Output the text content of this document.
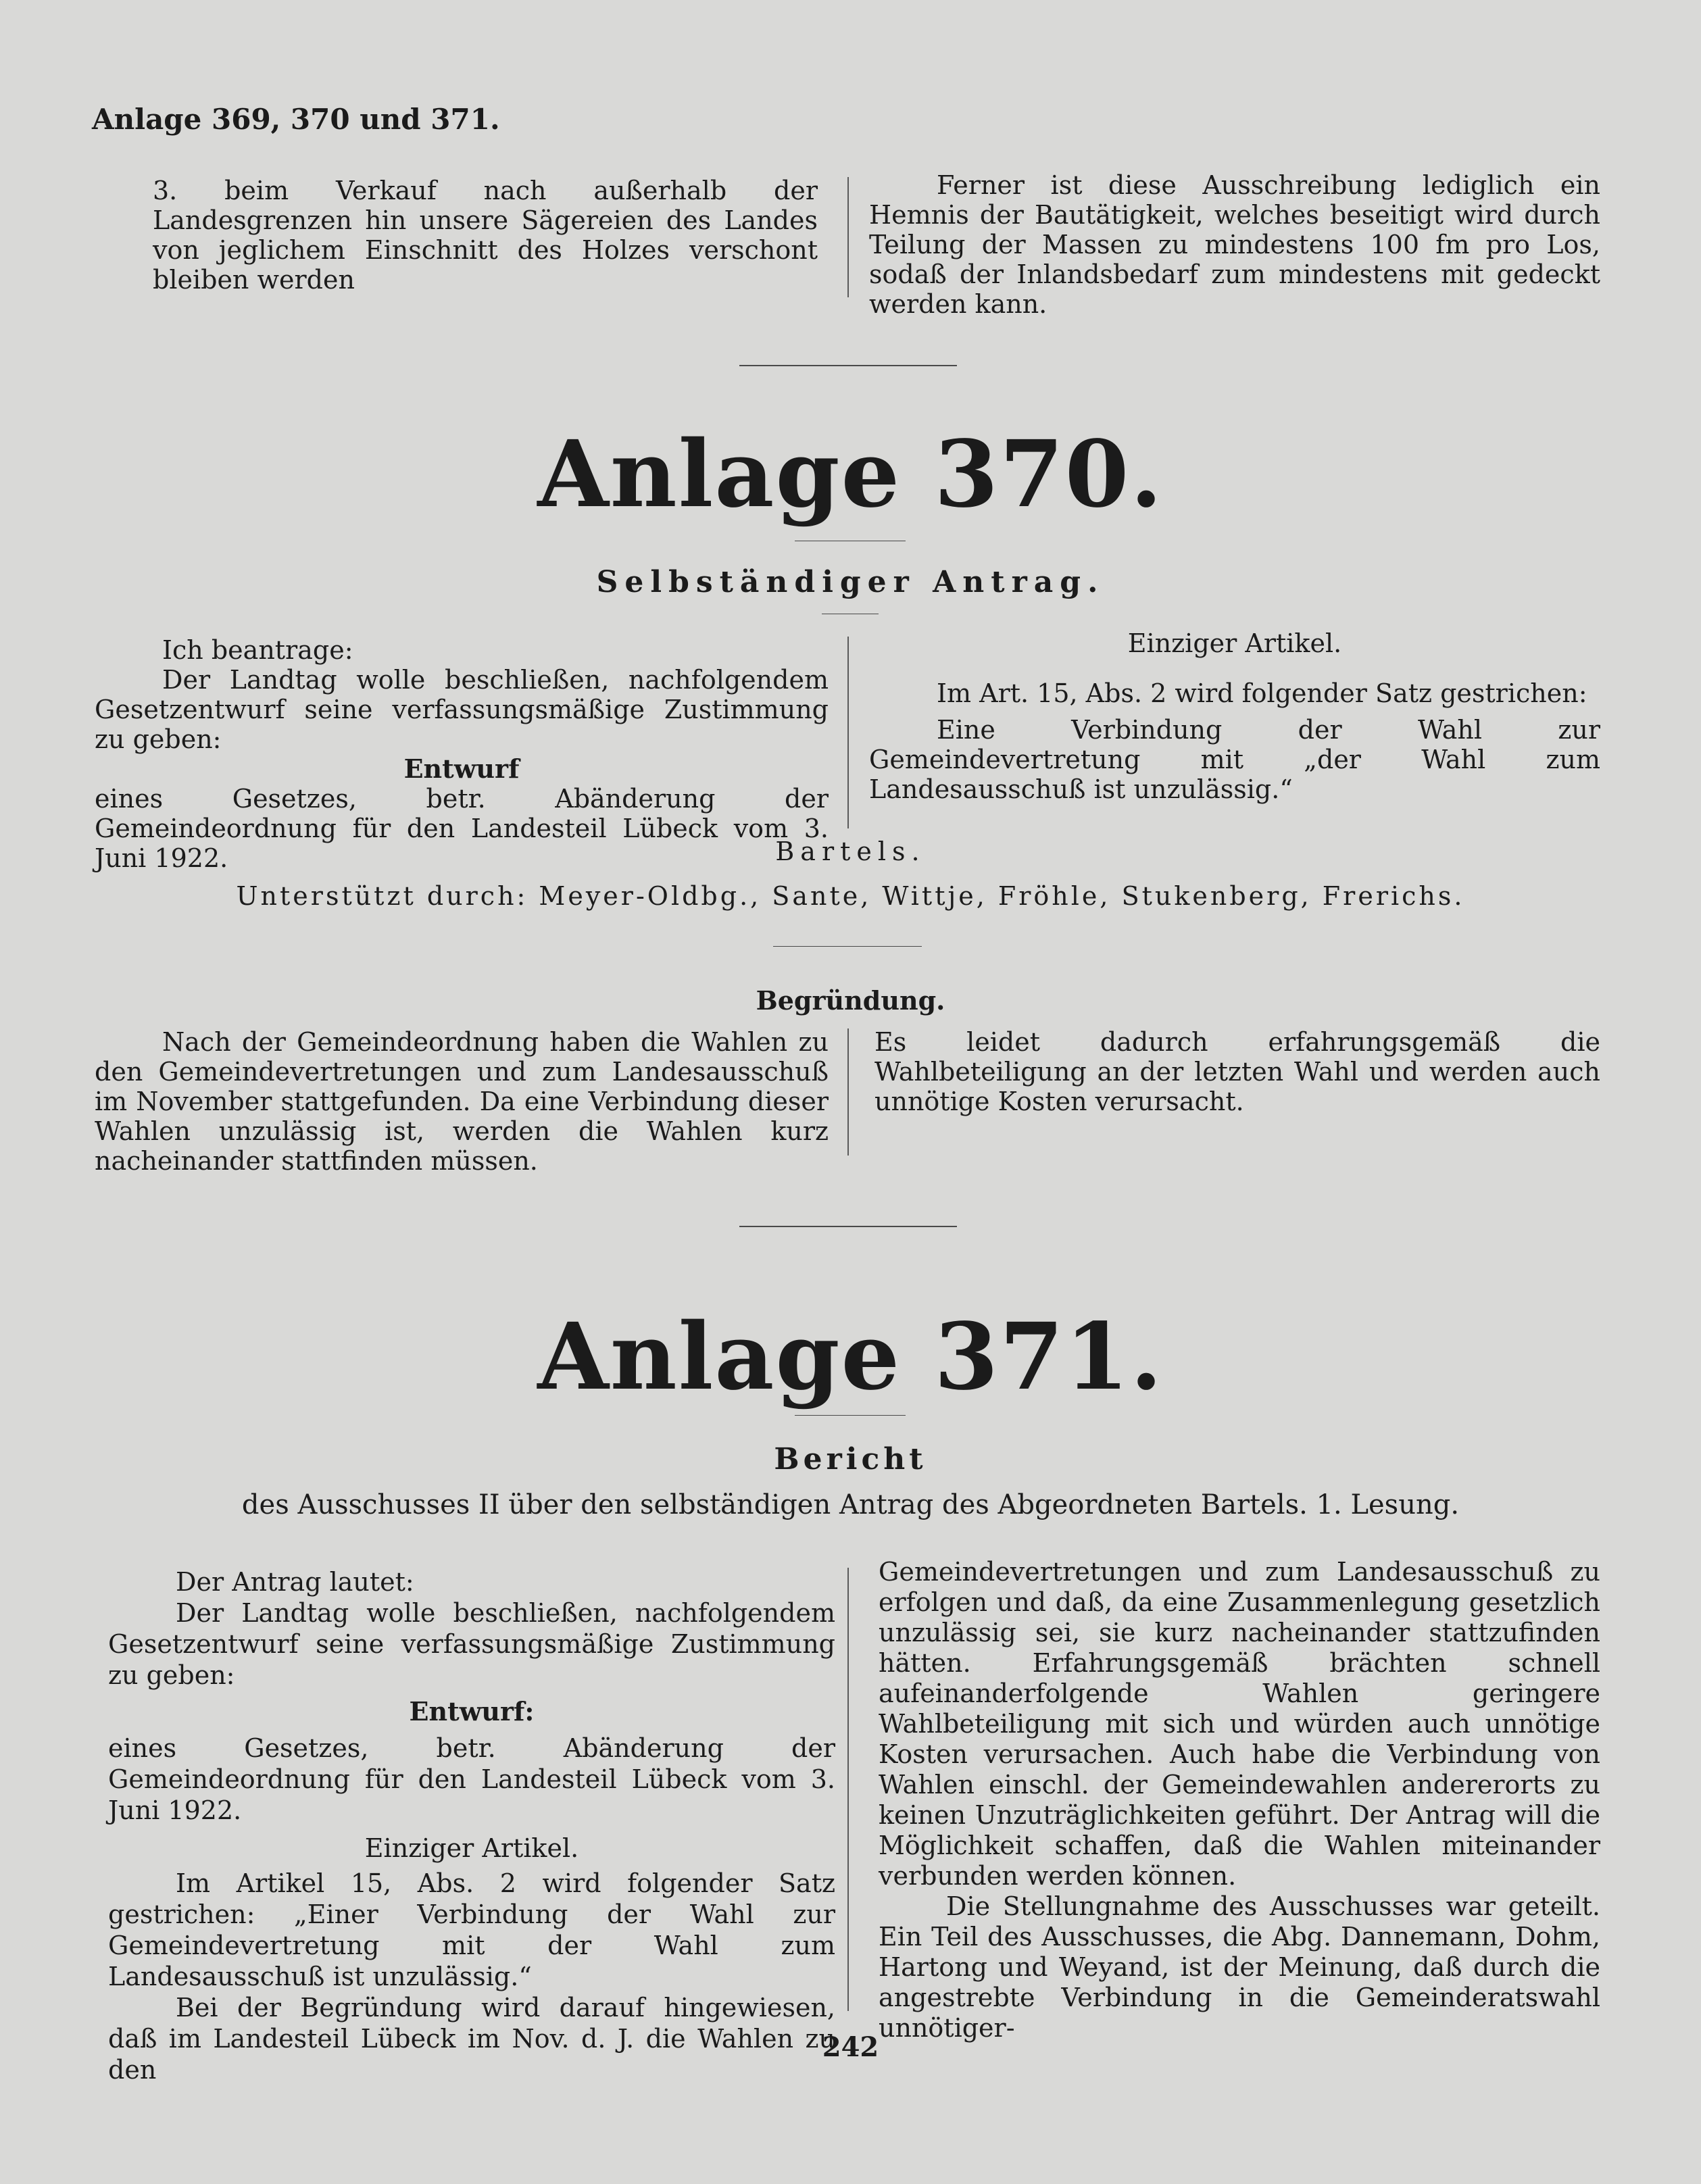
Anlage 369, 370 und 371.

3. beim Verkauf nach außerhalb der Landesgrenzen hin unsere Sägereien des Landes von jeglichem Einschnitt des Holzes verschont bleiben werden

Ferner ist diese Ausschreibung lediglich ein Hemnis der Bautätigkeit, welches beseitigt wird durch Teilung der Massen zu mindestens 100 fm pro Los, sodaß der Inlandsbedarf zum mindestens mit gedeckt werden kann.

Anlage 370.
Selbständiger Antrag.

Ich beantrage:

Der Landtag wolle beschließen, nachfolgendem Gesetzentwurf seine verfassungsmäßige Zustimmung zu geben:

Entwurf

eines Gesetzes, betr. Abänderung der Gemeindeordnung für den Landesteil Lübeck vom 3. Juni 1922.

Einziger Artikel.

Im Art. 15, Abs. 2 wird folgender Satz gestrichen:

Eine Verbindung der Wahl zur Gemeindevertretung mit „der Wahl zum Landesausschuß ist unzulässig.“

Bartels.
Unterstützt durch: Meyer-Oldbg., Sante, Wittje, Fröhle, Stukenberg, Frerichs.
Begründung.

Nach der Gemeindeordnung haben die Wahlen zu den Gemeindevertretungen und zum Landesausschuß im November stattgefunden. Da eine Verbindung dieser Wahlen unzulässig ist, werden die Wahlen kurz nacheinander stattfinden müssen.

Es leidet dadurch erfahrungsgemäß die Wahlbeteiligung an der letzten Wahl und werden auch unnötige Kosten verursacht.

Anlage 371.
Bericht
des Ausschusses II über den selbständigen Antrag des Abgeordneten Bartels. 1. Lesung.

Der Antrag lautet:

Der Landtag wolle beschließen, nachfolgendem Gesetzentwurf seine verfassungsmäßige Zustimmung zu geben:

Entwurf:

eines Gesetzes, betr. Abänderung der Gemeindeordnung für den Landesteil Lübeck vom 3. Juni 1922.

Einziger Artikel.

Im Artikel 15, Abs. 2 wird folgender Satz gestrichen: „Einer Verbindung der Wahl zur Gemeindevertretung mit der Wahl zum Landesausschuß ist unzulässig.“

Bei der Begründung wird darauf hingewiesen, daß im Landesteil Lübeck im Nov. d. J. die Wahlen zu den

Gemeindevertretungen und zum Landesausschuß zu erfolgen und daß, da eine Zusammenlegung gesetzlich unzulässig sei, sie kurz nacheinander stattzufinden hätten. Erfahrungsgemäß brächten schnell aufeinanderfolgende Wahlen geringere Wahlbeteiligung mit sich und würden auch unnötige Kosten verursachen. Auch habe die Verbindung von Wahlen einschl. der Gemeindewahlen andererorts zu keinen Unzuträglichkeiten geführt. Der Antrag will die Möglichkeit schaffen, daß die Wahlen miteinander verbunden werden können.

Die Stellungnahme des Ausschusses war geteilt. Ein Teil des Ausschusses, die Abg. Dannemann, Dohm, Hartong und Weyand, ist der Meinung, daß durch die angestrebte Verbindung in die Gemeinderatswahl unnötiger-

242
